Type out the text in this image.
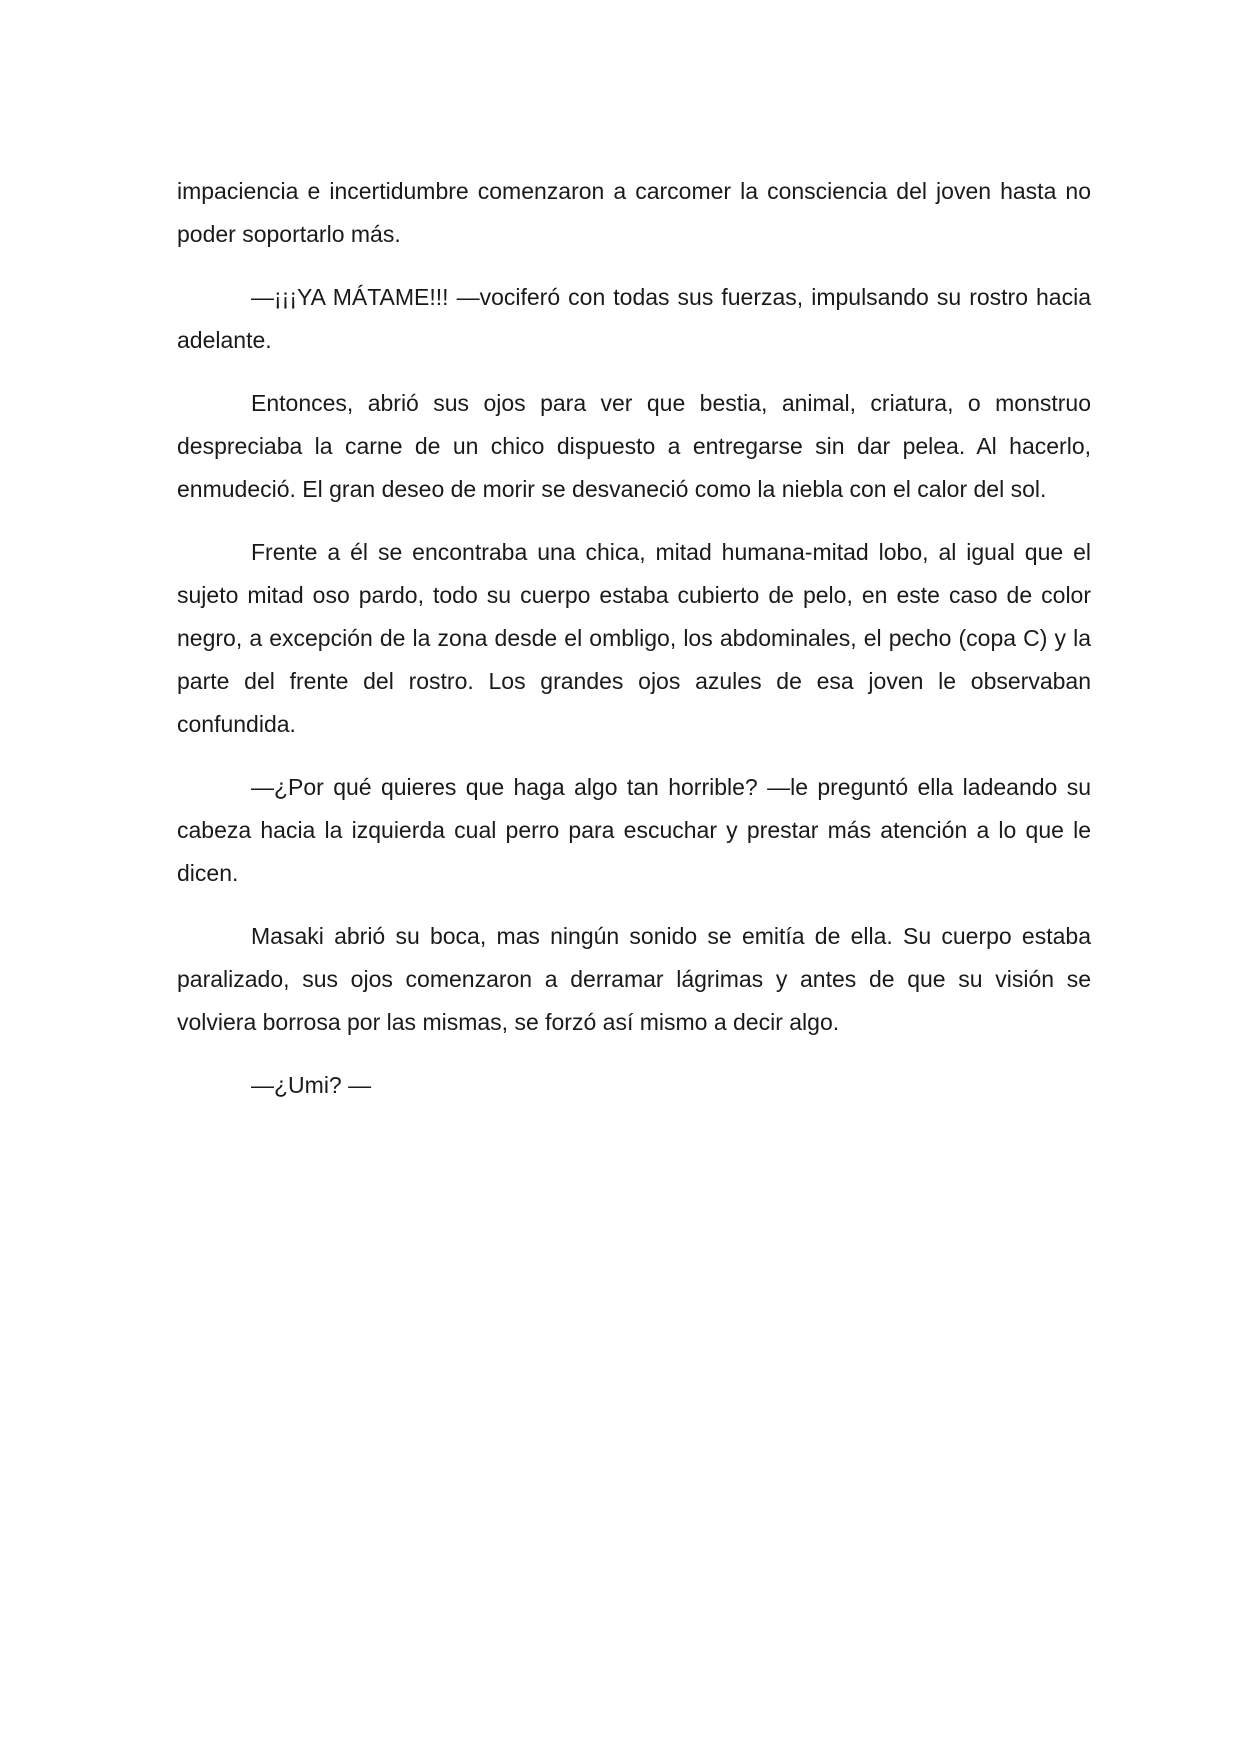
impaciencia e incertidumbre comenzaron a carcomer la consciencia del joven hasta no poder soportarlo más.

—¡¡¡YA MÁTAME!!! —vociferó con todas sus fuerzas, impulsando su rostro hacia adelante.

Entonces, abrió sus ojos para ver que bestia, animal, criatura, o monstruo despreciaba la carne de un chico dispuesto a entregarse sin dar pelea. Al hacerlo, enmudeció. El gran deseo de morir se desvaneció como la niebla con el calor del sol.

Frente a él se encontraba una chica, mitad humana-mitad lobo, al igual que el sujeto mitad oso pardo, todo su cuerpo estaba cubierto de pelo, en este caso de color negro, a excepción de la zona desde el ombligo, los abdominales, el pecho (copa C) y la parte del frente del rostro. Los grandes ojos azules de esa joven le observaban confundida.

—¿Por qué quieres que haga algo tan horrible? —le preguntó ella ladeando su cabeza hacia la izquierda cual perro para escuchar y prestar más atención a lo que le dicen.

Masaki abrió su boca, mas ningún sonido se emitía de ella. Su cuerpo estaba paralizado, sus ojos comenzaron a derramar lágrimas y antes de que su visión se volviera borrosa por las mismas, se forzó así mismo a decir algo.

—¿Umi? —
